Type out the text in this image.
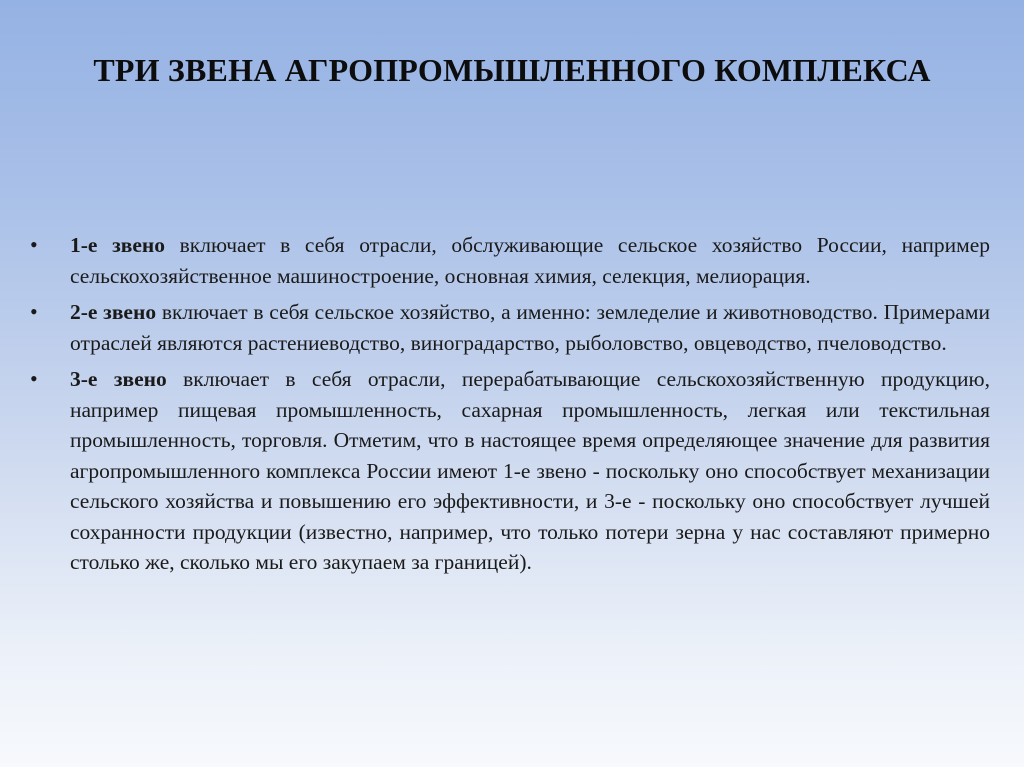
ТРИ ЗВЕНА АГРОПРОМЫШЛЕННОГО КОМПЛЕКСА
•	1-е звено включает в себя отрасли, обслуживающие сельское хозяйство России, например сельскохозяйственное машиностроение, основная химия, селекция, мелиорация.
•	2-е звено включает в себя сельское хозяйство, а именно: земледелие и животноводство. Примерами отраслей являются растениеводство, виноградарство, рыболовство, овцеводство, пчеловодство.
•	3-е звено включает в себя отрасли, перерабатывающие сельскохозяйственную продукцию, например пищевая промышленность, сахарная промышленность, легкая или текстильная промышленность, торговля. Отметим, что в настоящее время определяющее значение для развития агропромышленного комплекса России имеют 1-е звено - поскольку оно способствует механизации сельского хозяйства и повышению его эффективности, и 3-е - поскольку оно способствует лучшей сохранности продукции (известно, например, что только потери зерна у нас составляют примерно столько же, сколько мы его закупаем за границей).
